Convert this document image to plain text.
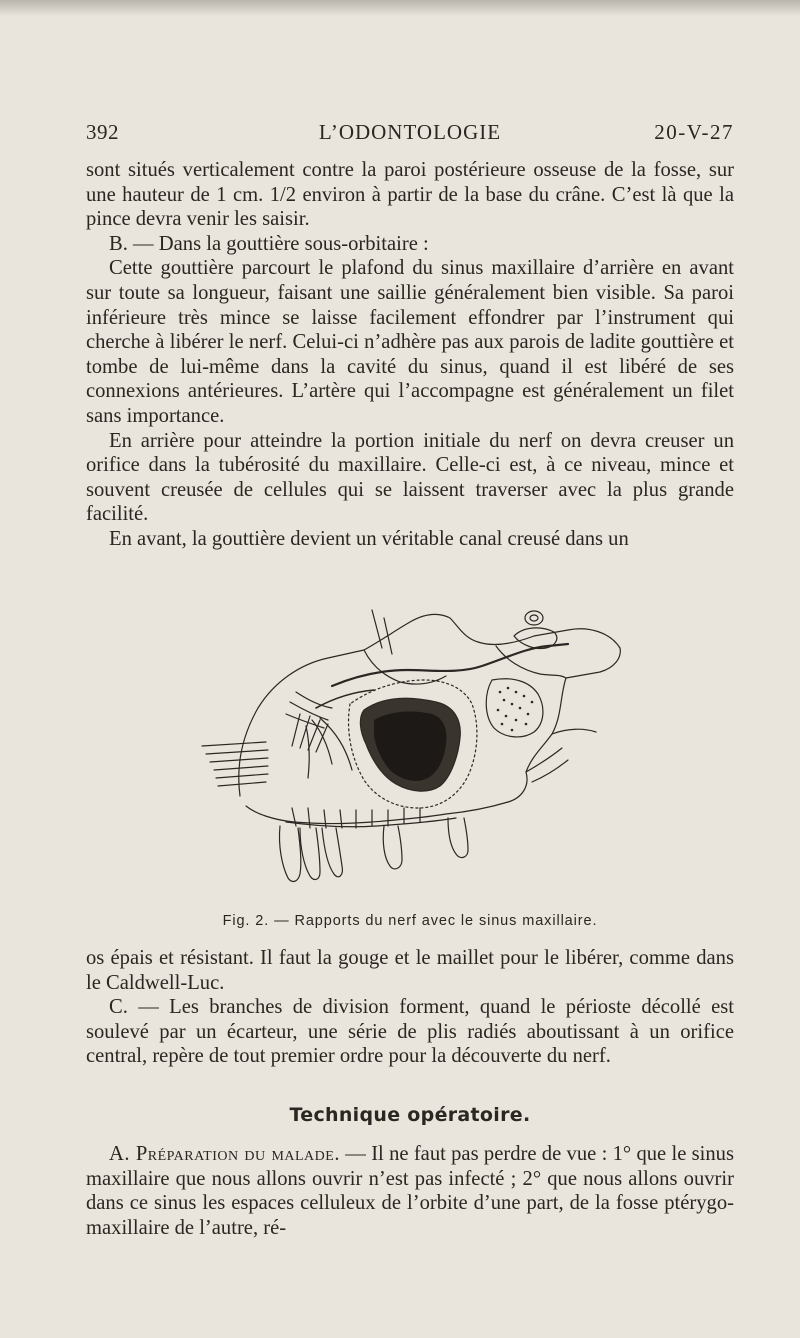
392	L’ODONTOLOGIE	20-V-27

sont situés verticalement contre la paroi postérieure osseuse de la fosse, sur une hauteur de 1 cm. 1/2 environ à partir de la base du crâne. C’est là que la pince devra venir les saisir.

B. — Dans la gouttière sous-orbitaire :

Cette gouttière parcourt le plafond du sinus maxillaire d’arrière en avant sur toute sa longueur, faisant une saillie généralement bien visible. Sa paroi inférieure très mince se laisse facilement effondrer par l’instrument qui cherche à libérer le nerf. Celui-ci n’adhère pas aux parois de ladite gouttière et tombe de lui-même dans la cavité du sinus, quand il est libéré de ses connexions antérieures. L’artère qui l’accompagne est généralement un filet sans importance.

En arrière pour atteindre la portion initiale du nerf on devra creuser un orifice dans la tubérosité du maxillaire. Celle-ci est, à ce niveau, mince et souvent creusée de cellules qui se laissent traverser avec la plus grande facilité.

En avant, la gouttière devient un véritable canal creusé dans un

Fig. 2. — Rapports du nerf avec le sinus maxillaire.

os épais et résistant. Il faut la gouge et le maillet pour le libérer, comme dans le Caldwell-Luc.

C. — Les branches de division forment, quand le périoste décollé est soulevé par un écarteur, une série de plis radiés aboutissant à un orifice central, repère de tout premier ordre pour la découverte du nerf.

Technique opératoire.

A. Préparation du malade. — Il ne faut pas perdre de vue : 1° que le sinus maxillaire que nous allons ouvrir n’est pas infecté ; 2° que nous allons ouvrir dans ce sinus les espaces celluleux de l’orbite d’une part, de la fosse ptérygo-maxillaire de l’autre, ré-
